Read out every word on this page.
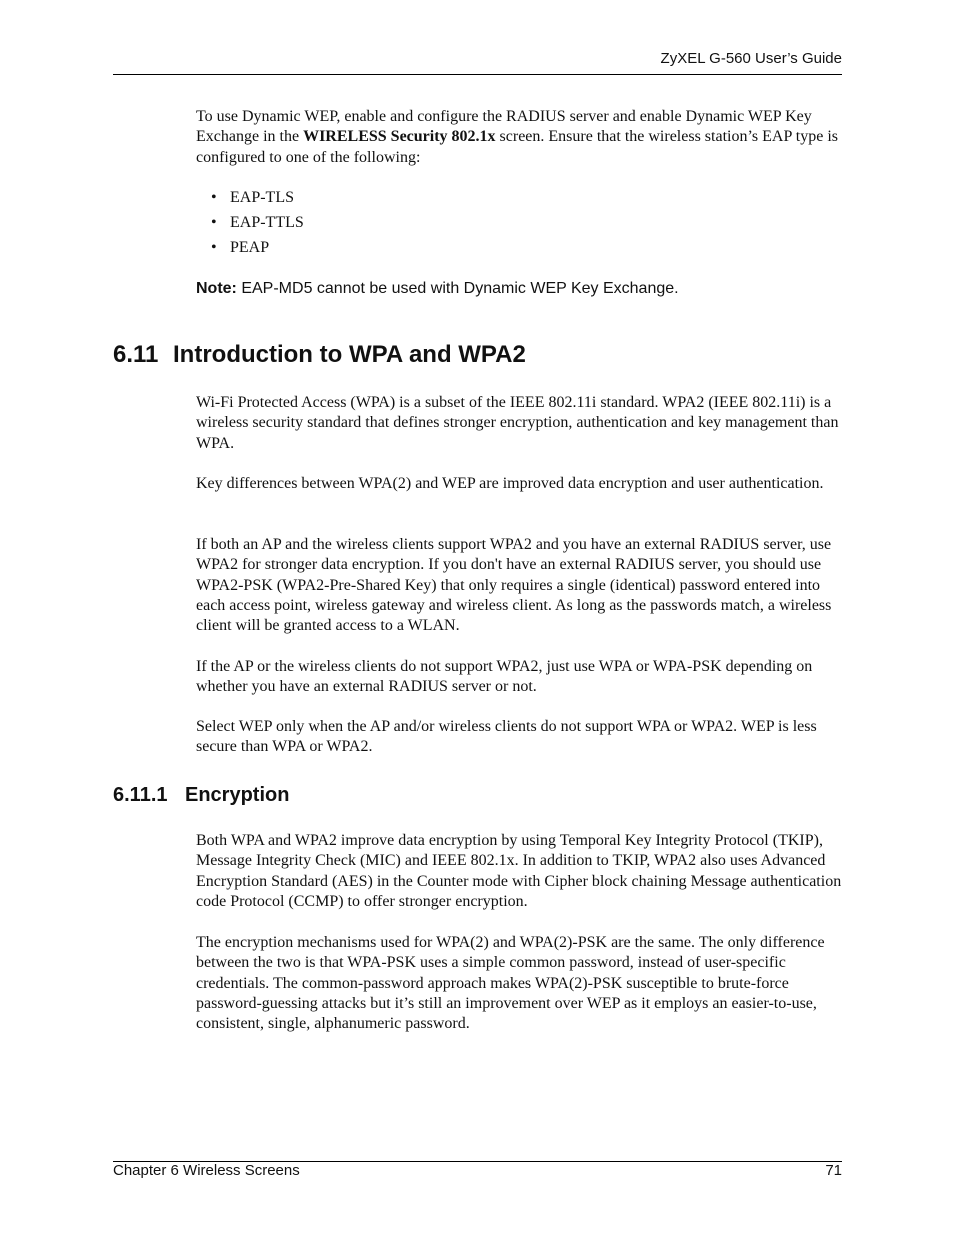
ZyXEL G-560 User’s Guide

To use Dynamic WEP, enable and configure the RADIUS server and enable Dynamic WEP Key Exchange in the WIRELESS Security 802.1x screen. Ensure that the wireless station’s EAP type is configured to one of the following:

• EAP-TLS
• EAP-TTLS
• PEAP
Note: EAP-MD5 cannot be used with Dynamic WEP Key Exchange.
6.11 Introduction to WPA and WPA2

Wi-Fi Protected Access (WPA) is a subset of the IEEE 802.11i standard. WPA2 (IEEE 802.11i) is a wireless security standard that defines stronger encryption, authentication and key management than WPA.

Key differences between WPA(2) and WEP are improved data encryption and user authentication.

If both an AP and the wireless clients support WPA2 and you have an external RADIUS server, use WPA2 for stronger data encryption. If you don't have an external RADIUS server, you should use WPA2-PSK (WPA2-Pre-Shared Key) that only requires a single (identical) password entered into each access point, wireless gateway and wireless client. As long as the passwords match, a wireless client will be granted access to a WLAN.

If the AP or the wireless clients do not support WPA2, just use WPA or WPA-PSK depending on whether you have an external RADIUS server or not.

Select WEP only when the AP and/or wireless clients do not support WPA or WPA2. WEP is less secure than WPA or WPA2.

6.11.1 Encryption

Both WPA and WPA2 improve data encryption by using Temporal Key Integrity Protocol (TKIP), Message Integrity Check (MIC) and IEEE 802.1x. In addition to TKIP, WPA2 also uses Advanced Encryption Standard (AES) in the Counter mode with Cipher block chaining Message authentication code Protocol (CCMP) to offer stronger encryption.

The encryption mechanisms used for WPA(2) and WPA(2)-PSK are the same. The only difference between the two is that WPA-PSK uses a simple common password, instead of user-specific credentials. The common-password approach makes WPA(2)-PSK susceptible to brute-force password-guessing attacks but it’s still an improvement over WEP as it employs an easier-to-use, consistent, single, alphanumeric password.

Chapter 6 Wireless Screens	71
